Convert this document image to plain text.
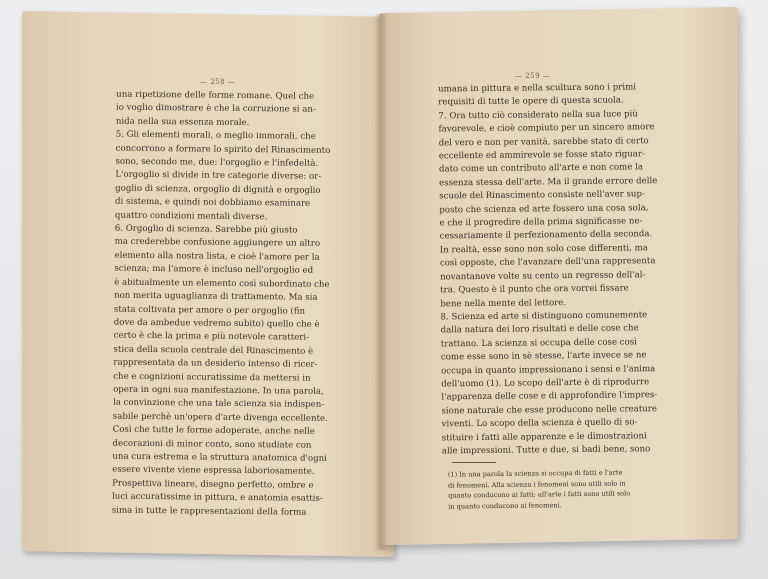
— 258 —
— 259 —
una ripetizione delle forme romane. Quel che
io voglio dimostrare è che la corruzione si an-
nida nella sua essenza morale.
5. Gli elementi morali, o meglio immorali, che
concorrono a formare lo spirito del Rinascimento
sono, secondo me, due: l'orgoglio e l'infedeltà.
L'orgoglio si divide in tre categorie diverse: or-
goglio di scienza, orgoglio di dignità e orgoglio
di sistema, e quindi noi dobbiamo esaminare
quattro condizioni mentali diverse.
6. Orgoglio di scienza. Sarebbe più giusto
ma crederebbe confusione aggiungere un altro
elemento alla nostra lista, e cioè l'amore per la
scienza; ma l'amore è incluso nell'orgoglio ed
è abitualmente un elemento così subordinato che
non merita uguaglianza di trattamento. Ma sia
stata coltivata per amore o per orgoglio (fin
dove da ambedue vedremo subito) quello che è
certo è che la prima e più notevole caratteri-
stica della scuola centrale del Rinascimento è
rappresentata da un desiderio intenso di ricer-
che e cognizioni accuratissime da mettersi in
opera in ogni sua manifestazione. In una parola,
la convinzione che una tale scienza sia indispen-
sabile perchè un'opera d'arte divenga eccellente.
Così che tutte le forme adoperate, anche nelle
decorazioni di minor conto, sono studiate con
una cura estrema e la struttura anatomica d'ogni
essere vivente viene espressa laboriosamente.
Prospettiva lineare, disegno perfetto, ombre e
luci accuratissime in pittura, e anatomia esattis-
sima in tutte le rappresentazioni della forma
umana in pittura e nella scultura sono i primi
requisiti di tutte le opere di questa scuola.
7. Ora tutto ciò considerato nella sua luce più
favorevole, e cioè compiuto per un sincero amore
del vero e non per vanità, sarebbe stato di certo
eccellente ed ammirevole se fosse stato riguar-
dato come un contributo all'arte e non come la
essenza stessa dell'arte. Ma il grande errore delle
scuole del Rinascimento consiste nell'aver sup-
posto che scienza ed arte fossero una cosa sola,
e che il progredire della prima significasse ne-
cessariamente il perfezionamento della seconda.
In realtà, esse sono non solo cose differenti, ma
così opposte, che l'avanzare dell'una rappresenta
novantanove volte su cento un regresso dell'al-
tra. Questo è il punto che ora vorrei fissare
bene nella mente del lettore.
8. Scienza ed arte si distinguono comunemente
dalla natura dei loro risultati e delle cose che
trattano. La scienza si occupa delle cose così
come esse sono in sè stesse, l'arte invece se ne
occupa in quanto impressionano i sensi e l'anima
dell'uomo (1). Lo scopo dell'arte è di riprodurre
l'apparenza delle cose e di approfondire l'impres-
sione naturale che esse producono nelle creature
viventi. Lo scopo della scienza è quello di so-
stituire i fatti alle apparenze e le dimostrazioni
alle impressioni. Tutte e due, si badi bene, sono
(1) In una parola la scienza si occupa di fatti e l'arte
di fenomeni. Alla scienza i fenomeni sono utili solo in
quanto conducono ai fatti; all'arte i fatti sono utili solo
in quanto conducono ai fenomeni.
